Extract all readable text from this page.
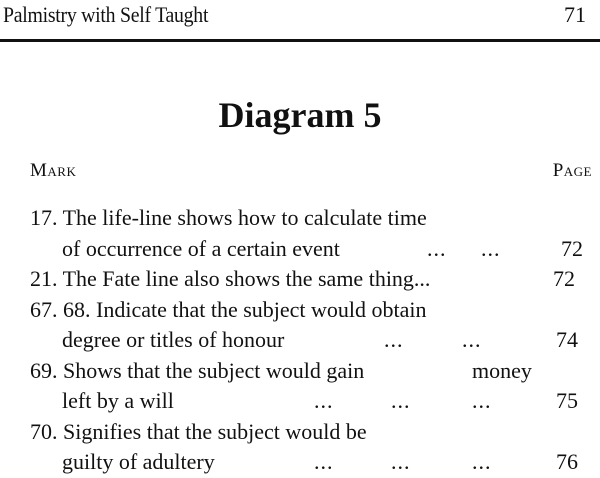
Palmistry with Self Taught	71
Diagram 5
Mark	Page
17. The life-line shows how to calculate time
of occurrence of a certain event	... ...	72
21. The Fate line also shows the same thing...	72
67. 68. Indicate that the subject would obtain
degree or titles of honour	...	...	74
69. Shows that the subject would gain	money
left by a will	...	...	...	75
70. Signifies that the subject would be
guilty of adultery	...	...	...	76
